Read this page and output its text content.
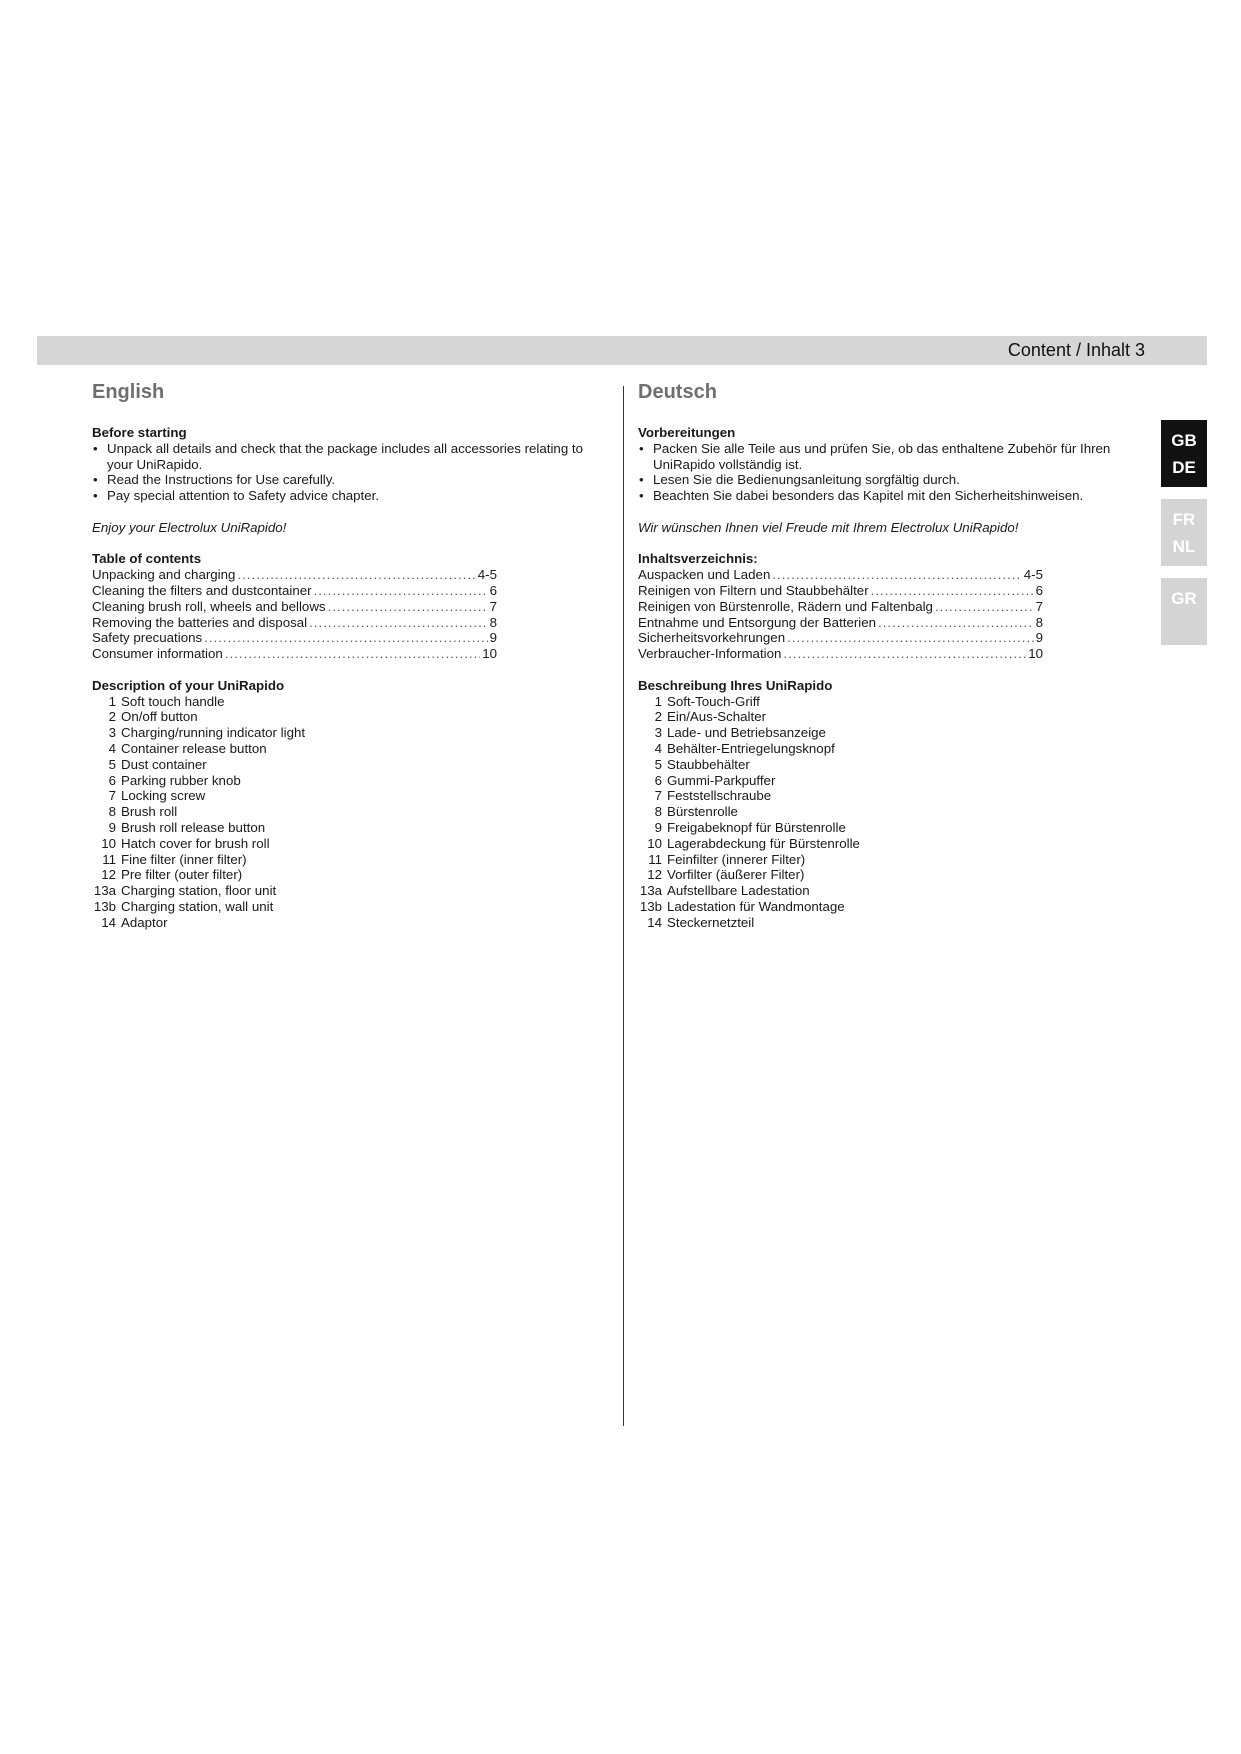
Content / Inhalt 3
English
Before starting
• Unpack all details and check that the package includes all accessories relating to your UniRapido.
• Read the Instructions for Use carefully.
• Pay special attention to Safety advice chapter.
Enjoy your Electrolux UniRapido!
Table of contents
Unpacking and charging .....	4-5
Cleaning the filters and dustcontainer .....	6
Cleaning brush roll, wheels and bellows .....	7
Removing the batteries and disposal .....	8
Safety precuations .....	9
Consumer information .....	10
Description of your UniRapido
1 Soft touch handle
2 On/off button
3 Charging/running indicator light
4 Container release button
5 Dust container
6 Parking rubber knob
7 Locking screw
8 Brush roll
9 Brush roll release button
10 Hatch cover for brush roll
11 Fine filter (inner filter)
12 Pre filter (outer filter)
13a Charging station, floor unit
13b Charging station, wall unit
14 Adaptor
Deutsch
Vorbereitungen
• Packen Sie alle Teile aus und prüfen Sie, ob das enthaltene Zubehör für Ihren UniRapido vollständig ist.
• Lesen Sie die Bedienungsanleitung sorgfältig durch.
• Beachten Sie dabei besonders das Kapitel mit den Sicherheitshinweisen.
Wir wünschen Ihnen viel Freude mit Ihrem Electrolux UniRapido!
Inhaltsverzeichnis:
Auspacken und Laden .....	4-5
Reinigen von Filtern und Staubbehälter .....	6
Reinigen von Bürstenrolle, Rädern und Faltenbalg .....	7
Entnahme und Entsorgung der Batterien .....	8
Sicherheitsvorkehrungen .....	9
Verbraucher-Information .....	10
Beschreibung Ihres UniRapido
1 Soft-Touch-Griff
2 Ein/Aus-Schalter
3 Lade- und Betriebsanzeige
4 Behälter-Entriegelungsknopf
5 Staubbehälter
6 Gummi-Parkpuffer
7 Feststellschraube
8 Bürstenrolle
9 Freigabeknopf für Bürstenrolle
10 Lagerabdeckung für Bürstenrolle
11 Feinfilter (innerer Filter)
12 Vorfilter (äußerer Filter)
13a Aufstellbare Ladestation
13b Ladestation für Wandmontage
14 Steckernetzteil
GB
DE
FR
NL
GR
